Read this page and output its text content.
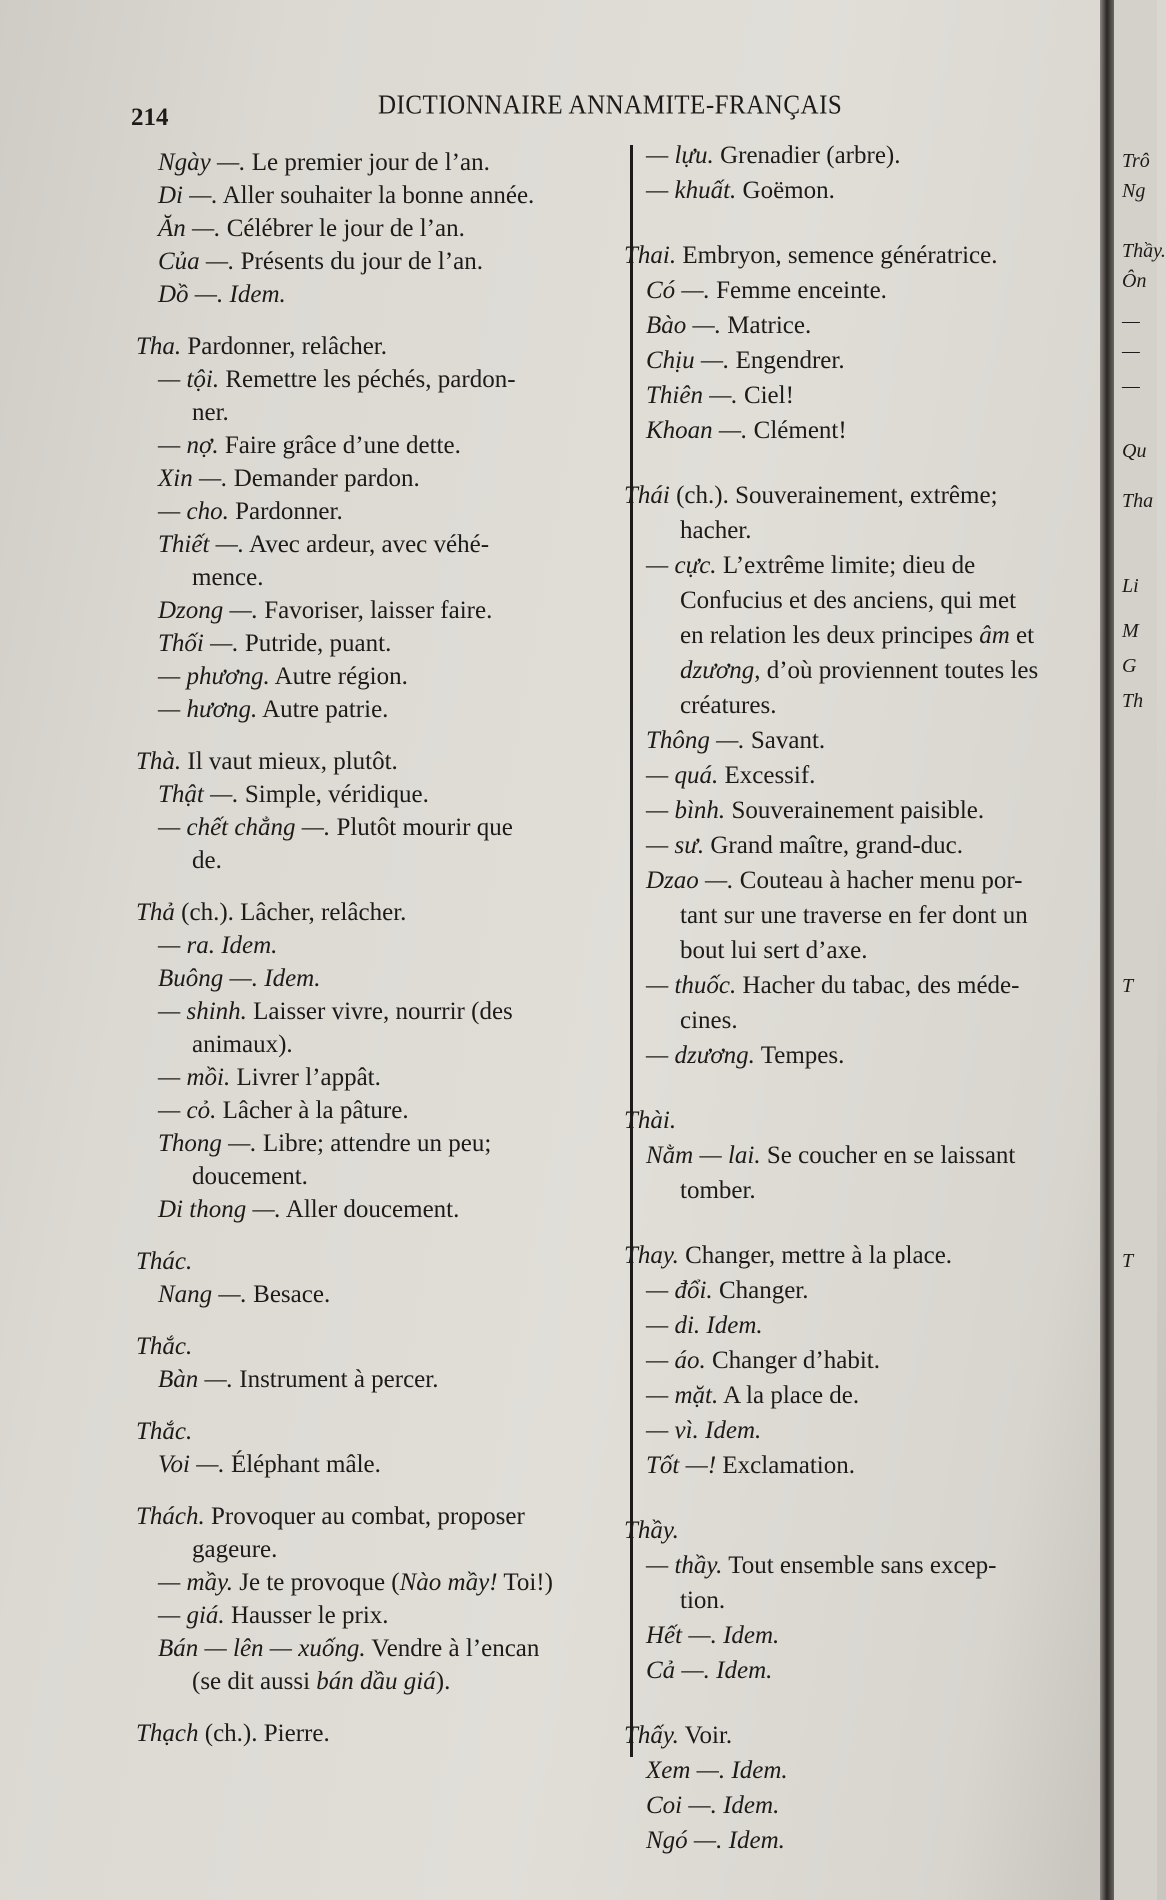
214	DICTIONNAIRE ANNAMITE-FRANÇAIS
Ngày —. Le premier jour de l’an.
Di —. Aller souhaiter la bonne année.
Ăn —. Célébrer le jour de l’an.
Của —. Présents du jour de l’an.
Dồ —. Idem.
Tha. Pardonner, relâcher.
— tội. Remettre les péchés, pardon-
ner.
— nợ. Faire grâce d’une dette.
Xin —. Demander pardon.
— cho. Pardonner.
Thiết —. Avec ardeur, avec véhé-
mence.
Dzong —. Favoriser, laisser faire.
Thối —. Putride, puant.
— phương. Autre région.
— hương. Autre patrie.
Thà. Il vaut mieux, plutôt.
Thật —. Simple, véridique.
— chết chẳng —. Plutôt mourir que
de.
Thả (ch.). Lâcher, relâcher.
— ra. Idem.
Buông —. Idem.
— shinh. Laisser vivre, nourrir (des
animaux).
— mồi. Livrer l’appât.
— cỏ. Lâcher à la pâture.
Thong —. Libre; attendre un peu;
doucement.
Di thong —. Aller doucement.
Thác.
Nang —. Besace.
Thắc.
Bàn —. Instrument à percer.
Thắc.
Voi —. Éléphant mâle.
Thách. Provoquer au combat, proposer
gageure.
— mầy. Je te provoque (Nào mầy! Toi!)
— giá. Hausser le prix.
Bán — lên — xuống. Vendre à l’encan
(se dit aussi bán dầu giá).
Thạch (ch.). Pierre.
— lựu. Grenadier (arbre).
— khuất. Goëmon.
Thai. Embryon, semence génératrice.
Có —. Femme enceinte.
Bào —. Matrice.
Chịu —. Engendrer.
Thiên —. Ciel!
Khoan —. Clément!
Thái (ch.). Souverainement, extrême;
hacher.
— cực. L’extrême limite; dieu de
Confucius et des anciens, qui met
en relation les deux principes âm et
dzương, d’où proviennent toutes les
créatures.
Thông —. Savant.
— quá. Excessif.
— bình. Souverainement paisible.
— sư. Grand maître, grand-duc.
Dzao —. Couteau à hacher menu por-
tant sur une traverse en fer dont un
bout lui sert d’axe.
— thuốc. Hacher du tabac, des méde-
cines.
— dzương. Tempes.
Thài.
Nằm — lai. Se coucher en se laissant
tomber.
Thay. Changer, mettre à la place.
— đổi. Changer.
— di. Idem.
— áo. Changer d’habit.
— mặt. A la place de.
— vì. Idem.
Tốt —! Exclamation.
Thầy.
— thầy. Tout ensemble sans excep-
tion.
Hết —. Idem.
Cả —. Idem.
Thấy. Voir.
Xem —. Idem.
Coi —. Idem.
Ngó —. Idem.
Trô
Ng
Thầy.
Ôn
—
—
—
Qu
Tha
Li
M
G
Th
T
T
